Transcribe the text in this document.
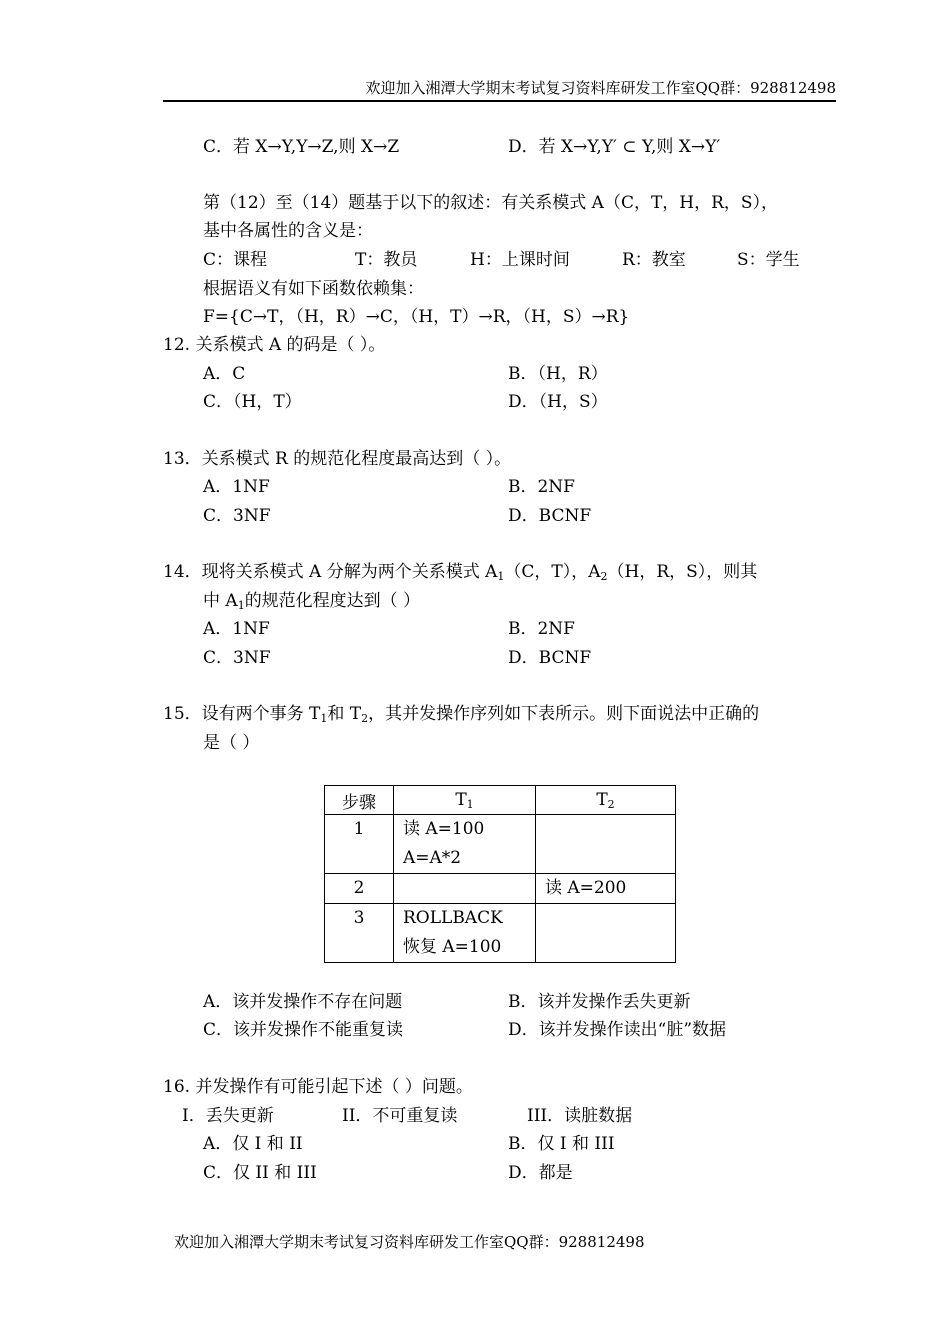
欢迎加入湘潭大学期末考试复习资料库研发工作室QQ群：928812498
C．若 X→Y,Y→Z,则 X→Z	D．若 X→Y,Y′ ⊂ Y,则 X→Y′
第（12）至（14）题基于以下的叙述：有关系模式 A（C，T，H，R，S），
基中各属性的含义是：
C：课程	T：教员	H：上课时间	R：教室	S：学生
根据语义有如下函数依赖集：
F={C→T，（H，R）→C，（H，T）→R，（H，S）→R}
12. 关系模式 A 的码是（ ）。
A．C	B．（H，R）
C．（H，T）	D．（H，S）
13．关系模式 R 的规范化程度最高达到（ ）。
A．1NF	B．2NF
C．3NF	D．BCNF
14．现将关系模式 A 分解为两个关系模式 $A_1(C$，T），$A_2(H$，R，S），则其
中 $A_1$的规范化程度达到（ ）
A．1NF	B．2NF
C．3NF	D．BCNF
15．设有两个事务 $T_1$和 $T_2$，其并发操作序列如下表所示。则下面说法中正确的
是（ ）
步骤	$T_1$	$T_2$

1	读 A=100
A=A*2	

2		读 A=200

3	ROLLBACK
恢复 A=100	

A．该并发操作不存在问题	B．该并发操作丢失更新
C．该并发操作不能重复读	D．该并发操作读出“脏”数据
16. 并发操作有可能引起下述（ ）问题。
I．丢失更新	II．不可重复读	III．读脏数据
A．仅 I 和 II	B．仅 I 和 III
C．仅 II 和 III	D．都是
欢迎加入湘潭大学期末考试复习资料库研发工作室QQ群：928812498
